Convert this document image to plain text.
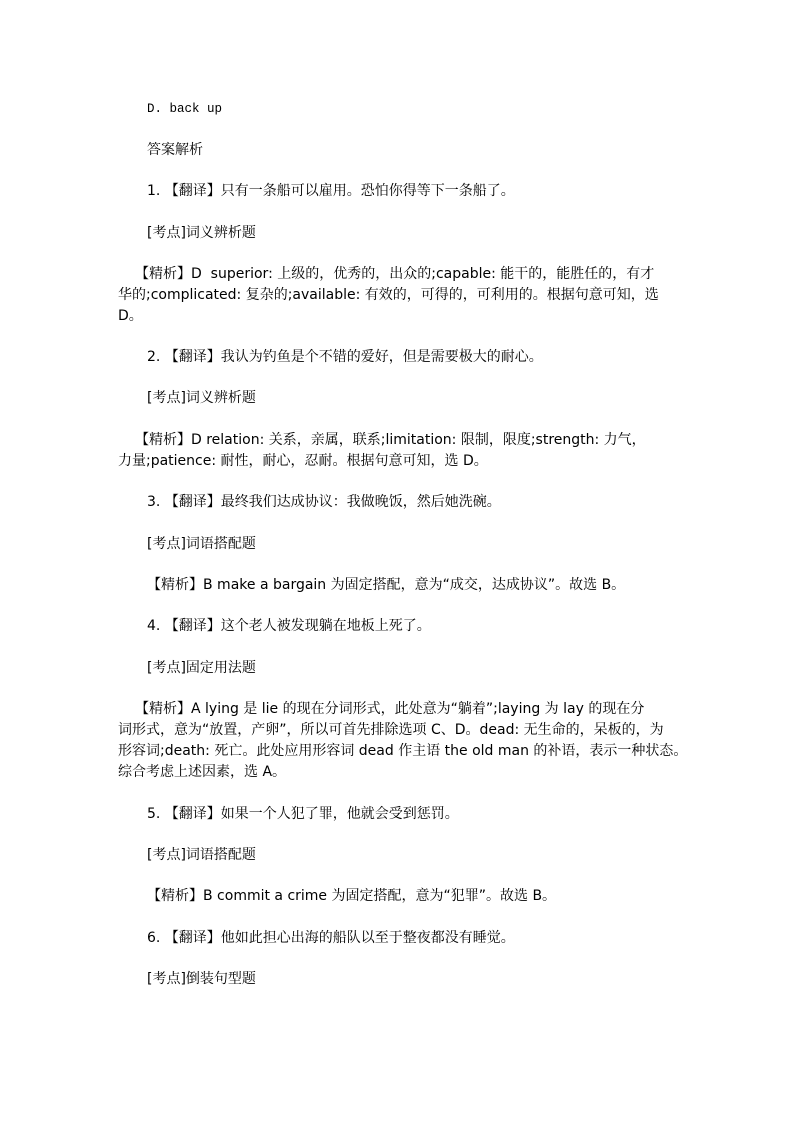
D. back up
答案解析
1. 【翻译】只有一条船可以雇用。恐怕你得等下一条船了。
[考点]词义辨析题
【精析】D  superior: 上级的，优秀的，出众的;capable: 能干的，能胜任的，有才
华的;complicated: 复杂的;available: 有效的，可得的，可利用的。根据句意可知，选
D。
2. 【翻译】我认为钓鱼是个不错的爱好，但是需要极大的耐心。
[考点]词义辨析题
【精析】D relation: 关系，亲属，联系;limitation: 限制，限度;strength: 力气，
力量;patience: 耐性，耐心，忍耐。根据句意可知，选 D。
3. 【翻译】最终我们达成协议：我做晚饭，然后她洗碗。
[考点]词语搭配题
【精析】B make a bargain 为固定搭配，意为“成交，达成协议”。故选 B。
4. 【翻译】这个老人被发现躺在地板上死了。
[考点]固定用法题
【精析】A lying 是 lie 的现在分词形式，此处意为“躺着”;laying 为 lay 的现在分
词形式，意为“放置，产卵”，所以可首先排除选项 C、D。dead: 无生命的，呆板的，为
形容词;death: 死亡。此处应用形容词 dead 作主语 the old man 的补语，表示一种状态。
综合考虑上述因素，选 A。
5. 【翻译】如果一个人犯了罪，他就会受到惩罚。
[考点]词语搭配题
【精析】B commit a crime 为固定搭配，意为“犯罪”。故选 B。
6. 【翻译】他如此担心出海的船队以至于整夜都没有睡觉。
[考点]倒装句型题
